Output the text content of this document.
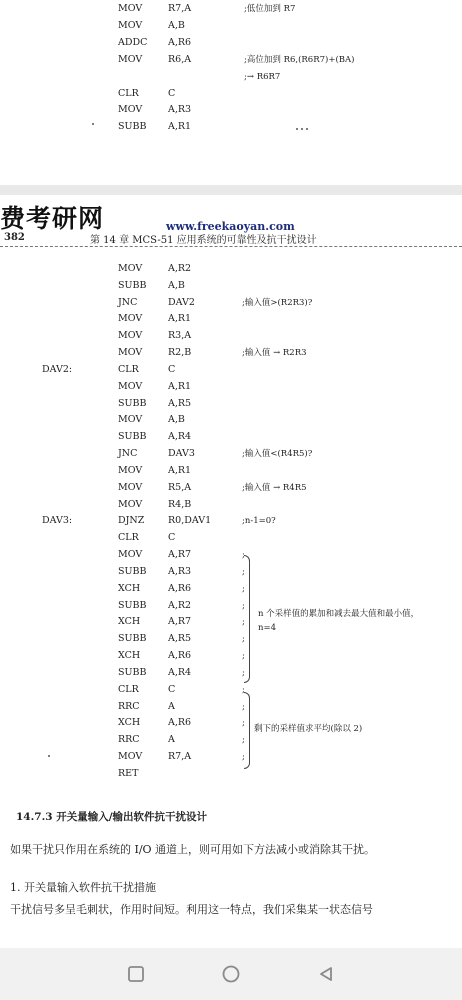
MOV	R7,A	;低位加到 R7
MOV	A,B
ADDC A,R6
MOV	R6,A	;高位加到 R6,(R6R7)+(BA)
;→ R6R7
CLR	C
MOV	A,R3
SUBB A,R1
费考研网	www.freekaoyan.com
382	第 14 章 MCS-51 应用系统的可靠性及抗干扰设计
MOV	A,R2
SUBB A,B
JNC	DAV2	;输入值>(R2R3)?
MOV	A,R1
MOV	R3,A
MOV	R2,B	;输入值 → R2R3
DAV2:	CLR	C
MOV	A,R1
SUBB A,R5
MOV	A,B
SUBB A,R4
JNC	DAV3	;输入值<(R4R5)?
MOV	A,R1
MOV	R5,A	;输入值 → R4R5
MOV	R4,B
DAV3:	DJNZ R0,DAV1	;n-1=0?
CLR	C
MOV	A,R7	;
SUBB A,R3	;
XCH	A,R6	;
SUBB A,R2	;
XCH	A,R7	;
SUBB A,R5	;
XCH	A,R6	;
SUBB A,R4	;
CLR	C	;
RRC	A	;
XCH	A,R6	;
RRC	A	;
MOV	R7,A	;
RET
n 个采样值的累加和减去最大值和最小值，n=4
剩下的采样值求平均(除以 2)
14.7.3 开关量输入/输出软件抗干扰设计
如果干扰只作用在系统的 I/O 通道上，则可用如下方法减小或消除其干扰。
1. 开关量输入软件抗干扰措施
干扰信号多呈毛刺状，作用时间短。利用这一特点，我们采集某一状态信号
